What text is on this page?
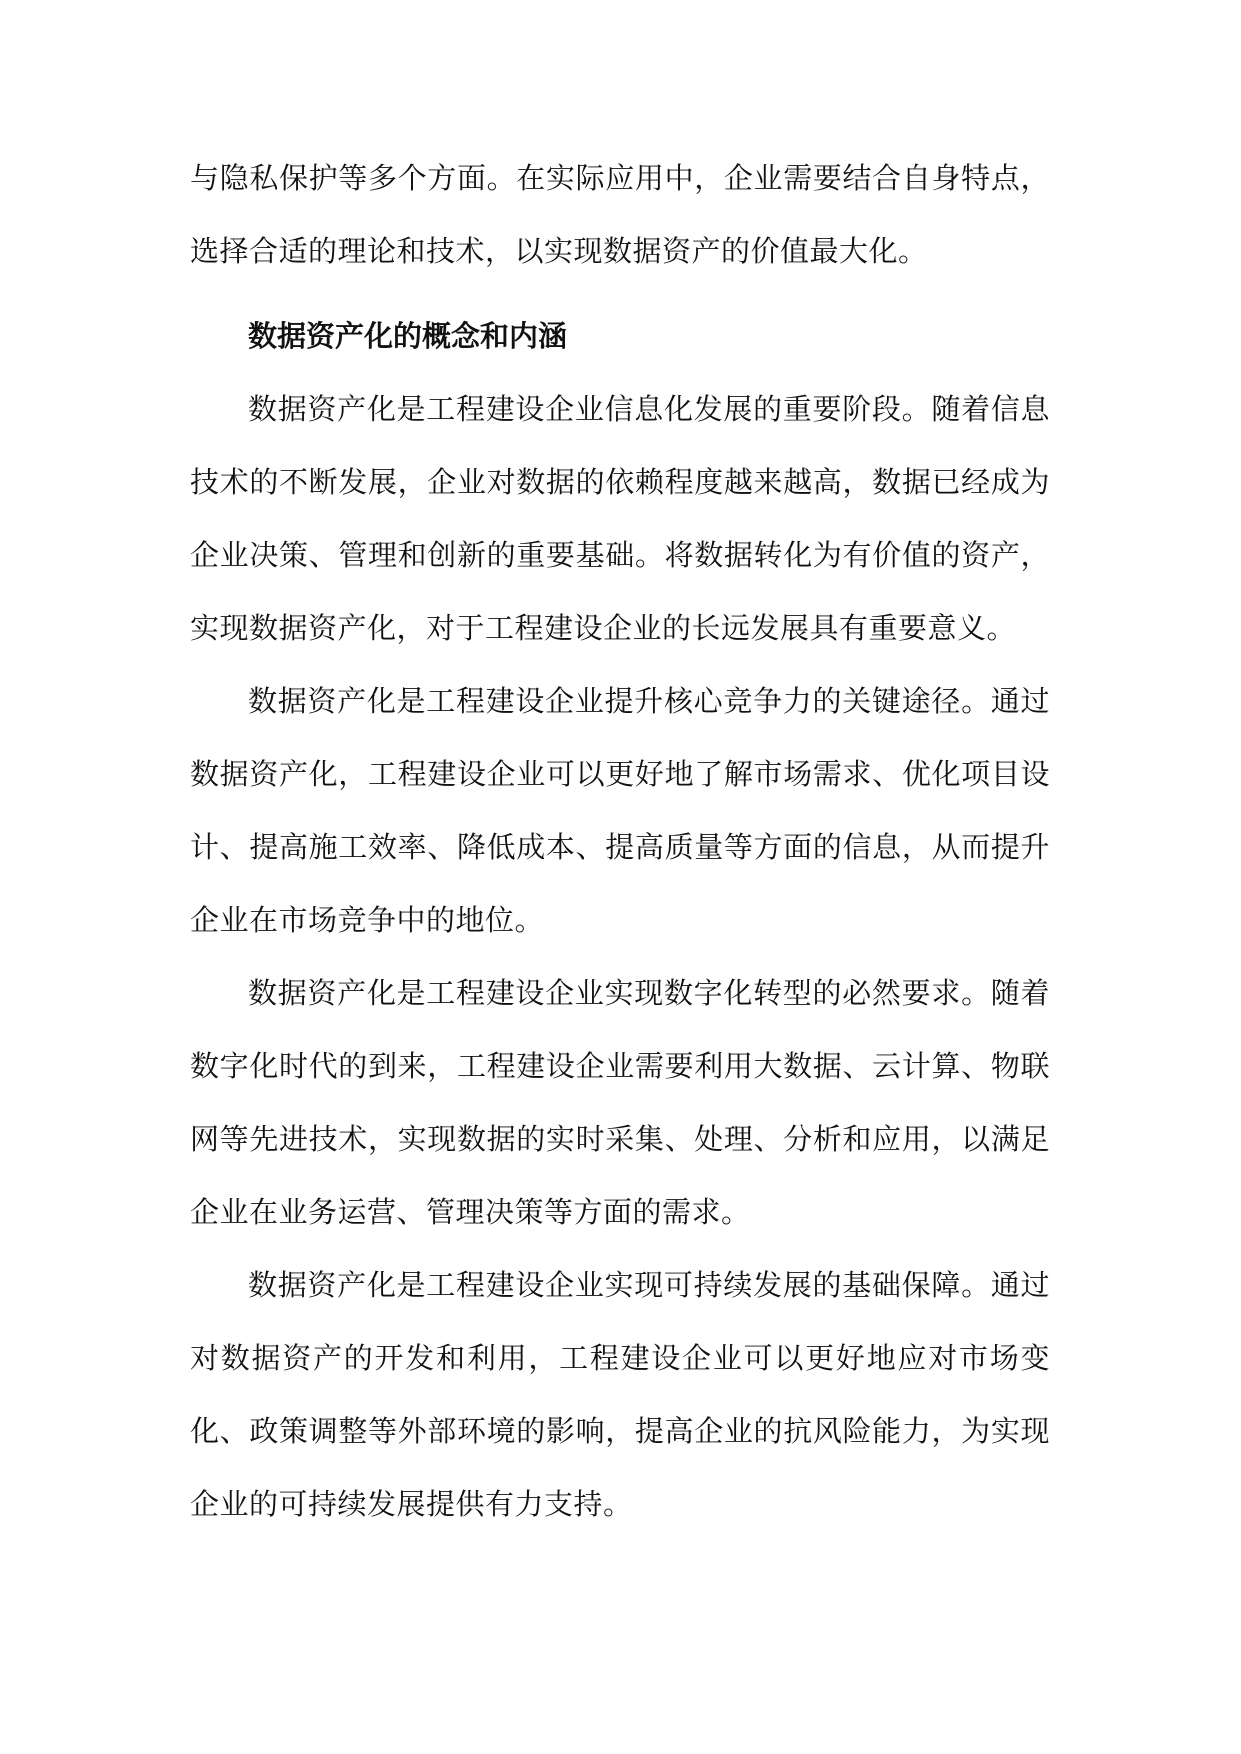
与隐私保护等多个方面。在实际应用中，企业需要结合自身特点，选择合适的理论和技术，以实现数据资产的价值最大化。

数据资产化的概念和内涵

数据资产化是工程建设企业信息化发展的重要阶段。随着信息技术的不断发展，企业对数据的依赖程度越来越高，数据已经成为企业决策、管理和创新的重要基础。将数据转化为有价值的资产，实现数据资产化，对于工程建设企业的长远发展具有重要意义。

数据资产化是工程建设企业提升核心竞争力的关键途径。通过数据资产化，工程建设企业可以更好地了解市场需求、优化项目设计、提高施工效率、降低成本、提高质量等方面的信息，从而提升企业在市场竞争中的地位。

数据资产化是工程建设企业实现数字化转型的必然要求。随着数字化时代的到来，工程建设企业需要利用大数据、云计算、物联网等先进技术，实现数据的实时采集、处理、分析和应用，以满足企业在业务运营、管理决策等方面的需求。

数据资产化是工程建设企业实现可持续发展的基础保障。通过对数据资产的开发和利用，工程建设企业可以更好地应对市场变化、政策调整等外部环境的影响，提高企业的抗风险能力，为实现企业的可持续发展提供有力支持。
